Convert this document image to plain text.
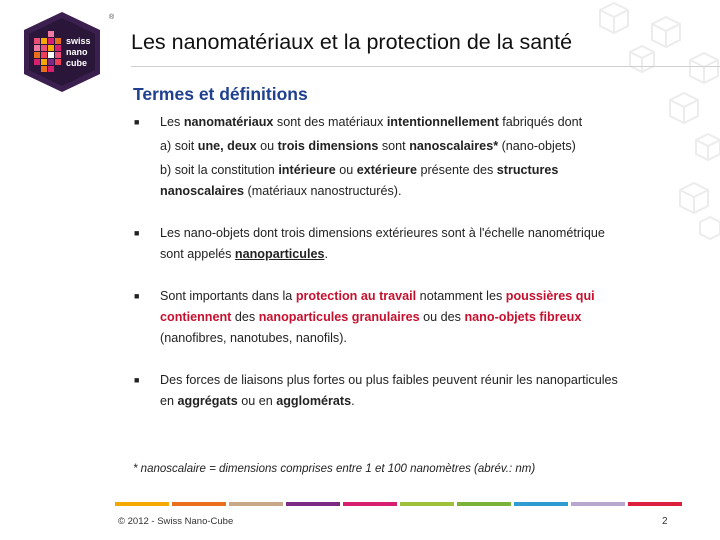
swiss
nano
cube
®
Les nanomatériaux et la protection de la santé
Termes et définitions
■ Les nanomatériaux sont des matériaux intentionnellement fabriqués dont
a) soit une, deux ou trois dimensions sont nanoscalaires* (nano-objets)
b) soit la constitution intérieure ou extérieure présente des structures
nanoscalaires (matériaux nanostructurés).
■ Les nano-objets dont trois dimensions extérieures sont à l'échelle nanométrique
sont appelés nanoparticules.
■ Sont importants dans la protection au travail notamment les poussières qui
contiennent des nanoparticules granulaires ou des nano-objets fibreux
(nanofibres, nanotubes, nanofils).
■ Des forces de liaisons plus fortes ou plus faibles peuvent réunir les nanoparticules
en aggrégats ou en agglomérats.
* nanoscalaire = dimensions comprises entre 1 et 100 nanomètres (abrév.: nm)
© 2012 - Swiss Nano-Cube	2
